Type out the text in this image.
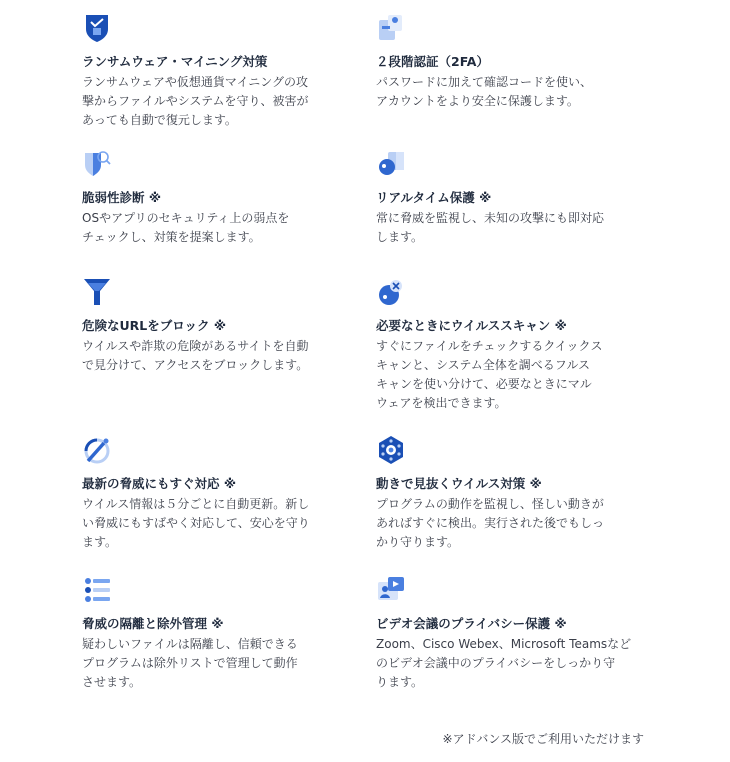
ランサムウェア・マイニング対策
ランサムウェアや仮想通貨マイニングの攻
撃からファイルやシステムを守り、被害が
あっても自動で復元します。
２段階認証（2FA）
パスワードに加えて確認コードを使い、
アカウントをより安全に保護します。
脆弱性診断 ※
OSやアプリのセキュリティ上の弱点を
チェックし、対策を提案します。
リアルタイム保護 ※
常に脅威を監視し、未知の攻撃にも即対応
します。
危険なURLをブロック ※
ウイルスや詐欺の危険があるサイトを自動
で見分けて、アクセスをブロックします。
必要なときにウイルススキャン ※
すぐにファイルをチェックするクイックス
キャンと、システム全体を調べるフルス
キャンを使い分けて、必要なときにマル
ウェアを検出できます。
最新の脅威にもすぐ対応 ※
ウイルス情報は５分ごとに自動更新。新し
い脅威にもすばやく対応して、安心を守り
ます。
動きで見抜くウイルス対策 ※
プログラムの動作を監視し、怪しい動きが
あればすぐに検出。実行された後でもしっ
かり守ります。
脅威の隔離と除外管理 ※
疑わしいファイルは隔離し、信頼できる
プログラムは除外リストで管理して動作
させます。
ビデオ会議のプライバシー保護 ※
Zoom、Cisco Webex、Microsoft Teamsなど
のビデオ会議中のプライバシーをしっかり守
ります。
※アドバンス版でご利用いただけます
